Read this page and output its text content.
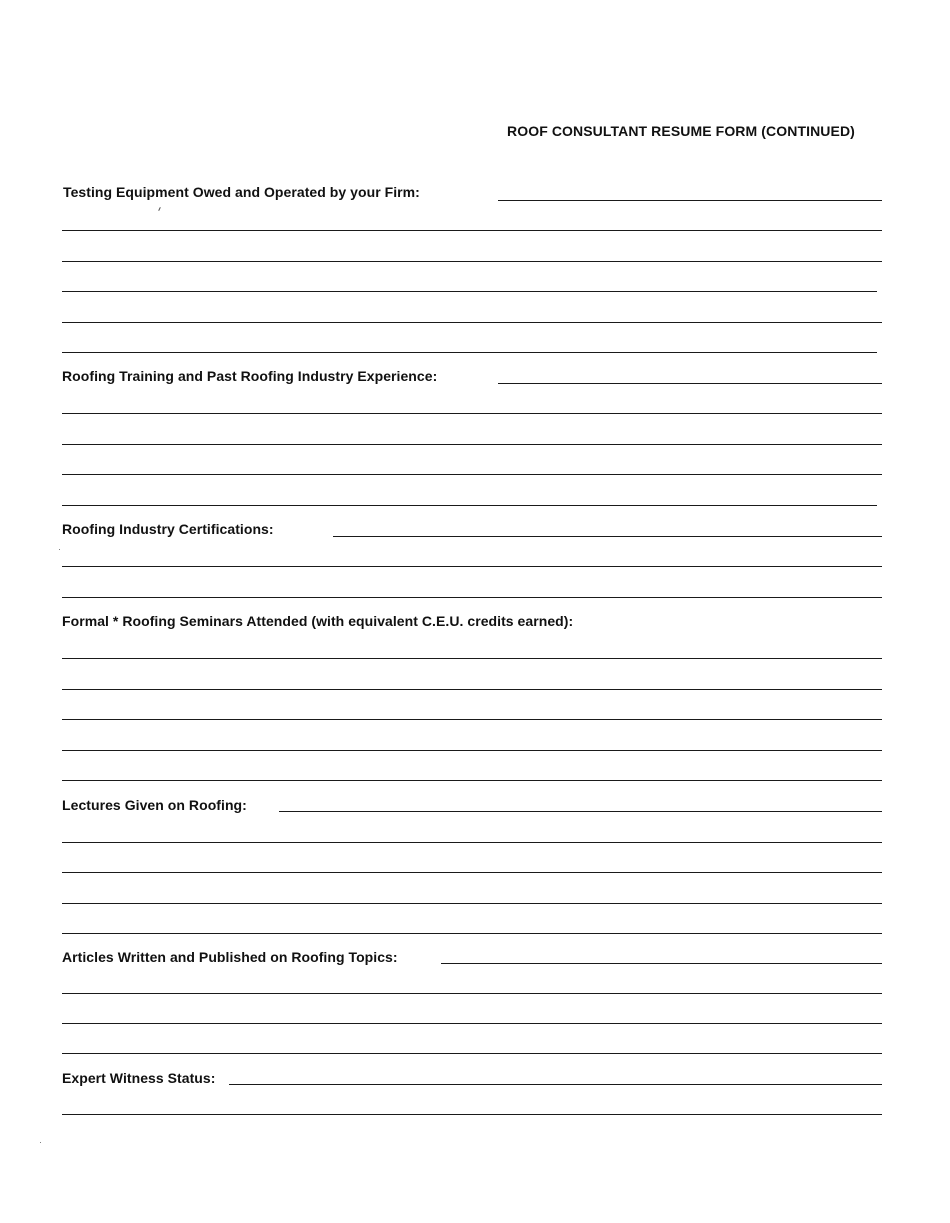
ROOF CONSULTANT RESUME FORM (CONTINUED)
Testing Equipment Owed and Operated by your Firm:
Roofing Training and Past Roofing Industry Experience:
Roofing Industry Certifications:
Formal * Roofing Seminars Attended (with equivalent C.E.U. credits earned):
Lectures Given on Roofing:
Articles Written and Published on Roofing Topics:
Expert Witness Status:
